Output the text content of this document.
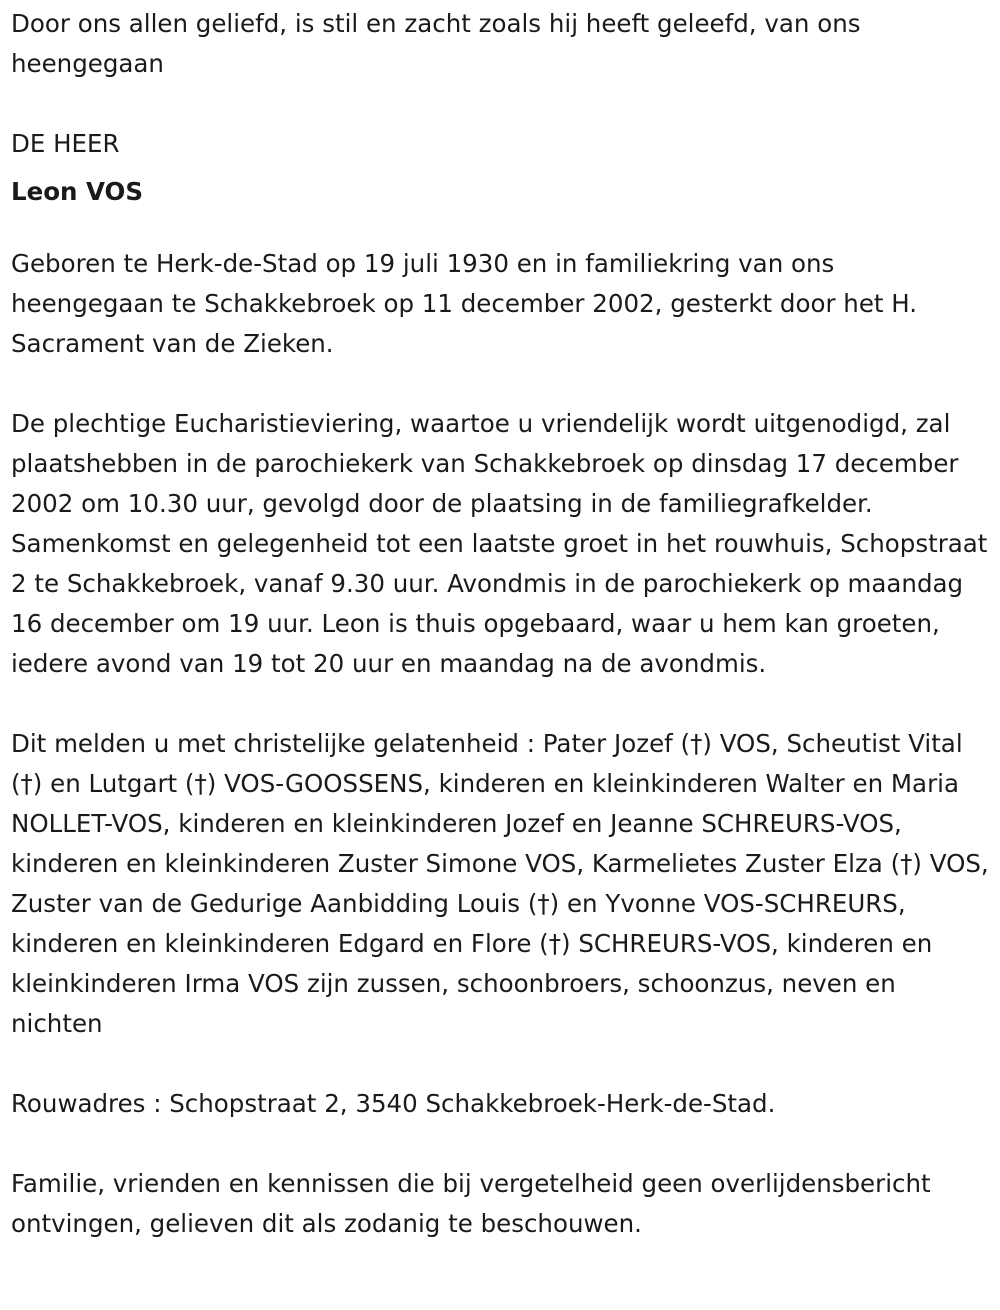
Door ons allen geliefd, is stil en zacht zoals hij heeft geleefd, van ons heengegaan

DE HEER

Leon VOS

Geboren te Herk-de-Stad op 19 juli 1930 en in familiekring van ons heengegaan te Schakkebroek op 11 december 2002, gesterkt door het H. Sacrament van de Zieken.

De plechtige Eucharistieviering, waartoe u vriendelijk wordt uitgenodigd, zal plaatshebben in de parochiekerk van Schakkebroek op dinsdag 17 december 2002 om 10.30 uur, gevolgd door de plaatsing in de familiegrafkelder. Samenkomst en gelegenheid tot een laatste groet in het rouwhuis, Schopstraat 2 te Schakkebroek, vanaf 9.30 uur. Avondmis in de parochiekerk op maandag 16 december om 19 uur. Leon is thuis opgebaard, waar u hem kan groeten, iedere avond van 19 tot 20 uur en maandag na de avondmis.

Dit melden u met christelijke gelatenheid : Pater Jozef (†) VOS, Scheutist Vital (†) en Lutgart (†) VOS-GOOSSENS, kinderen en kleinkinderen Walter en Maria NOLLET-VOS, kinderen en kleinkinderen Jozef en Jeanne SCHREURS-VOS, kinderen en kleinkinderen Zuster Simone VOS, Karmelietes Zuster Elza (†) VOS, Zuster van de Gedurige Aanbidding Louis (†) en Yvonne VOS-SCHREURS, kinderen en kleinkinderen Edgard en Flore (†) SCHREURS-VOS, kinderen en kleinkinderen Irma VOS zijn zussen, schoonbroers, schoonzus, neven en nichten

Rouwadres : Schopstraat 2, 3540 Schakkebroek-Herk-de-Stad.

Familie, vrienden en kennissen die bij vergetelheid geen overlijdensbericht ontvingen, gelieven dit als zodanig te beschouwen.
